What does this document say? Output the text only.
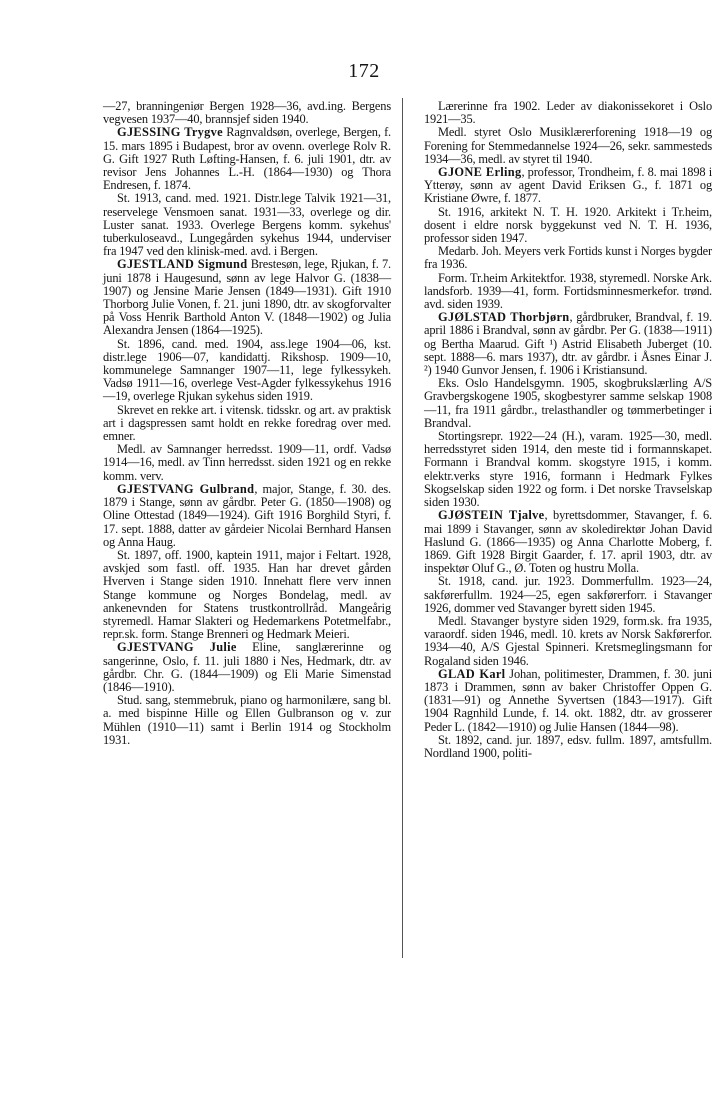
172

—27, branningeniør Bergen 1928—36, avd.ing. Bergens vegvesen 1937—40, brannsjef siden 1940.

GJESSING Trygve Ragnvaldsøn, overlege, Bergen, f. 15. mars 1895 i Budapest, bror av ovenn. overlege Rolv R. G. Gift 1927 Ruth Løfting-Hansen, f. 6. juli 1901, dtr. av revisor Jens Johannes L.-H. (1864—1930) og Thora Endresen, f. 1874.

St. 1913, cand. med. 1921. Distr.lege Talvik 1921—31, reservelege Vensmoen sanat. 1931—33, overlege og dir. Luster sanat. 1933. Overlege Bergens komm. sykehus' tuberkuloseavd., Lungegården sykehus 1944, underviser fra 1947 ved den klinisk-med. avd. i Bergen.

GJESTLAND Sigmund Brestesøn, lege, Rjukan, f. 7. juni 1878 i Haugesund, sønn av lege Halvor G. (1838—1907) og Jensine Marie Jensen (1849—1931). Gift 1910 Thorborg Julie Vonen, f. 21. juni 1890, dtr. av skogforvalter på Voss Henrik Barthold Anton V. (1848—1902) og Julia Alexandra Jensen (1864—1925).

St. 1896, cand. med. 1904, ass.lege 1904—06, kst. distr.lege 1906—07, kandidattj. Rikshosp. 1909—10, kommunelege Samnanger 1907—11, lege fylkessykeh. Vadsø 1911—16, overlege Vest-Agder fylkessykehus 1916—19, overlege Rjukan sykehus siden 1919.

Skrevet en rekke art. i vitensk. tidsskr. og art. av praktisk art i dagspressen samt holdt en rekke foredrag over med. emner.

Medl. av Samnanger herredsst. 1909—11, ordf. Vadsø 1914—16, medl. av Tinn herredsst. siden 1921 og en rekke komm. verv.

GJESTVANG Gulbrand, major, Stange, f. 30. des. 1879 i Stange, sønn av gårdbr. Peter G. (1850—1908) og Oline Ottestad (1849—1924). Gift 1916 Borghild Styri, f. 17. sept. 1888, datter av gårdeier Nicolai Bernhard Hansen og Anna Haug.

St. 1897, off. 1900, kaptein 1911, major i Feltart. 1928, avskjed som fastl. off. 1935. Han har drevet gården Hverven i Stange siden 1910. Innehatt flere verv innen Stange kommune og Norges Bondelag, medl. av ankenevnden for Statens trustkontrollråd. Mangeårig styremedl. Hamar Slakteri og Hedemarkens Potetmelfabr., repr.sk. form. Stange Brenneri og Hedmark Meieri.

GJESTVANG Julie Eline, sanglærerinne og sangerinne, Oslo, f. 11. juli 1880 i Nes, Hedmark, dtr. av gårdbr. Chr. G. (1844—1909) og Eli Marie Simenstad (1846—1910).

Stud. sang, stemmebruk, piano og harmonilære, sang bl. a. med bispinne Hille og Ellen Gulbranson og v. zur Mühlen (1910—11) samt i Berlin 1914 og Stockholm 1931.

Lærerinne fra 1902. Leder av diakonissekoret i Oslo 1921—35.

Medl. styret Oslo Musiklærerforening 1918—19 og Forening for Stemmedannelse 1924—26, sekr. sammesteds 1934—36, medl. av styret til 1940.

GJONE Erling, professor, Trondheim, f. 8. mai 1898 i Ytterøy, sønn av agent David Eriksen G., f. 1871 og Kristiane Øwre, f. 1877.

St. 1916, arkitekt N. T. H. 1920. Arkitekt i Tr.heim, dosent i eldre norsk byggekunst ved N. T. H. 1936, professor siden 1947.

Medarb. Joh. Meyers verk Fortids kunst i Norges bygder fra 1936.

Form. Tr.heim Arkitektfor. 1938, styremedl. Norske Ark. landsforb. 1939—41, form. Fortidsminnesmerkefor. trønd. avd. siden 1939.

GJØLSTAD Thorbjørn, gårdbruker, Brandval, f. 19. april 1886 i Brandval, sønn av gårdbr. Per G. (1838—1911) og Bertha Maarud. Gift ¹) Astrid Elisabeth Juberget (10. sept. 1888—6. mars 1937), dtr. av gårdbr. i Åsnes Einar J. ²) 1940 Gunvor Jensen, f. 1906 i Kristiansund.

Eks. Oslo Handelsgymn. 1905, skogbrukslærling A/S Gravbergskogene 1905, skogbestyrer samme selskap 1908—11, fra 1911 gårdbr., trelasthandler og tømmerbetinger i Brandval.

Stortingsrepr. 1922—24 (H.), varam. 1925—30, medl. herredsstyret siden 1914, den meste tid i formannskapet. Formann i Brandval komm. skogstyre 1915, i komm. elektr.verks styre 1916, formann i Hedmark Fylkes Skogselskap siden 1922 og form. i Det norske Travselskap siden 1930.

GJØSTEIN Tjalve, byrettsdommer, Stavanger, f. 6. mai 1899 i Stavanger, sønn av skoledirektør Johan David Haslund G. (1866—1935) og Anna Charlotte Moberg, f. 1869. Gift 1928 Birgit Gaarder, f. 17. april 1903, dtr. av inspektør Oluf G., Ø. Toten og hustru Molla.

St. 1918, cand. jur. 1923. Dommerfullm. 1923—24, sakførerfullm. 1924—25, egen sakførerforr. i Stavanger 1926, dommer ved Stavanger byrett siden 1945.

Medl. Stavanger bystyre siden 1929, form.sk. fra 1935, varaordf. siden 1946, medl. 10. krets av Norsk Sakførerfor. 1934—40, A/S Gjestal Spinneri. Kretsmeglingsmann for Rogaland siden 1946.

GLAD Karl Johan, politimester, Drammen, f. 30. juni 1873 i Drammen, sønn av baker Christoffer Oppen G. (1831—91) og Annethe Syvertsen (1843—1917). Gift 1904 Ragnhild Lunde, f. 14. okt. 1882, dtr. av grosserer Peder L. (1842—1910) og Julie Hansen (1844—98).

St. 1892, cand. jur. 1897, edsv. fullm. 1897, amtsfullm. Nordland 1900, politi-
